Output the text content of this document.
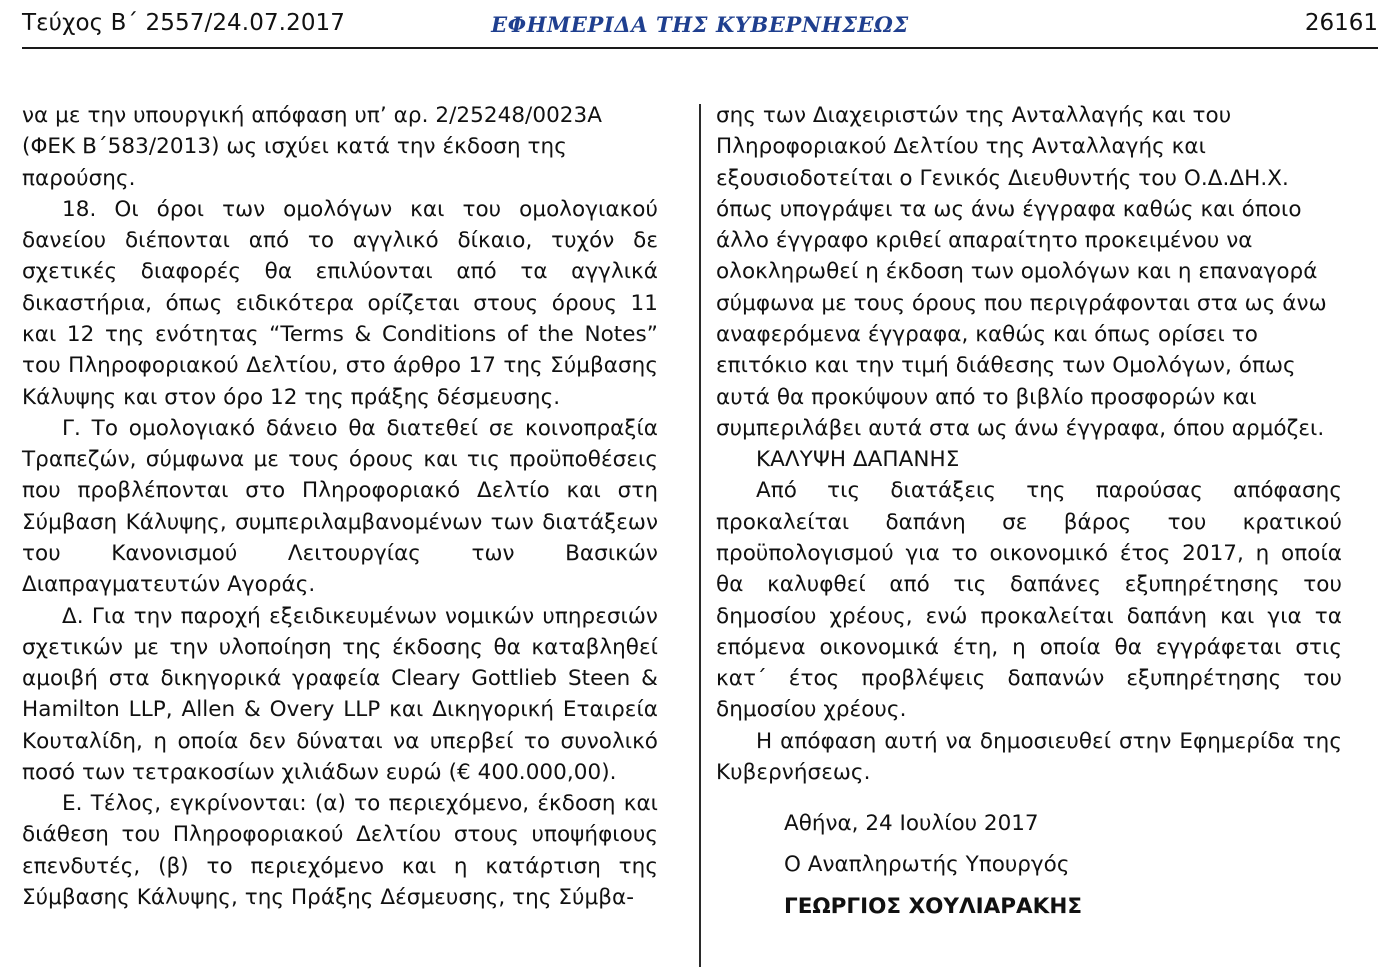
Τεύχος Β΄ 2557/24.07.2017	ΕΦΗΜΕΡΙΔΑ ΤΗΣ ΚΥΒΕΡΝΗΣΕΩΣ	26161

να με την υπουργική απόφαση υπ’ αρ. 2/25248/0023Α (ΦΕΚ Β΄583/2013) ως ισχύει κατά την έκδοση της παρούσης.

18. Οι όροι των ομολόγων και του ομολογιακού δανείου διέπονται από το αγγλικό δίκαιο, τυχόν δε σχετικές διαφορές θα επιλύονται από τα αγγλικά δικαστήρια, όπως ειδικότερα ορίζεται στους όρους 11 και 12 της ενότητας “Terms & Conditions of the Notes” του Πληροφοριακού Δελτίου, στο άρθρο 17 της Σύμβασης Κάλυψης και στον όρο 12 της πράξης δέσμευσης.

Γ. Το ομολογιακό δάνειο θα διατεθεί σε κοινοπραξία Τραπεζών, σύμφωνα με τους όρους και τις προϋποθέσεις που προβλέπονται στο Πληροφοριακό Δελτίο και στη Σύμβαση Κάλυψης, συμπεριλαμβανομένων των διατάξεων του Κανονισμού Λειτουργίας των Βασικών Διαπραγματευτών Αγοράς.

Δ. Για την παροχή εξειδικευμένων νομικών υπηρεσιών σχετικών με την υλοποίηση της έκδοσης θα καταβληθεί αμοιβή στα δικηγορικά γραφεία Cleary Gottlieb Steen & Hamilton LLP, Allen & Overy LLP και Δικηγορική Εταιρεία Κουταλίδη, η οποία δεν δύναται να υπερβεί το συνολικό ποσό των τετρακοσίων χιλιάδων ευρώ (€ 400.000,00).

Ε. Τέλος, εγκρίνονται: (α) το περιεχόμενο, έκδοση και διάθεση του Πληροφοριακού Δελτίου στους υποψήφιους επενδυτές, (β) το περιεχόμενο και η κατάρτιση της Σύμβασης Κάλυψης, της Πράξης Δέσμευσης, της Σύμβα-

σης των Διαχειριστών της Ανταλλαγής και του Πληροφοριακού Δελτίου της Ανταλλαγής και εξουσιοδοτείται ο Γενικός Διευθυντής του Ο.Δ.ΔΗ.Χ. όπως υπογράψει τα ως άνω έγγραφα καθώς και όποιο άλλο έγγραφο κριθεί απαραίτητο προκειμένου να ολοκληρωθεί η έκδοση των ομολόγων και η επαναγορά σύμφωνα με τους όρους που περιγράφονται στα ως άνω αναφερόμενα έγγραφα, καθώς και όπως ορίσει το επιτόκιο και την τιμή διάθεσης των Ομολόγων, όπως αυτά θα προκύψουν από το βιβλίο προσφορών και συμπεριλάβει αυτά στα ως άνω έγγραφα, όπου αρμόζει.

ΚΑΛΥΨΗ ΔΑΠΑΝΗΣ

Από τις διατάξεις της παρούσας απόφασης προκαλείται δαπάνη σε βάρος του κρατικού προϋπολογισμού για το οικονομικό έτος 2017, η οποία θα καλυφθεί από τις δαπάνες εξυπηρέτησης του δημοσίου χρέους, ενώ προκαλείται δαπάνη και για τα επόμενα οικονομικά έτη, η οποία θα εγγράφεται στις κατ΄ έτος προβλέψεις δαπανών εξυπηρέτησης του δημοσίου χρέους.

Η απόφαση αυτή να δημοσιευθεί στην Εφημερίδα της Κυβερνήσεως.

Αθήνα, 24 Ιουλίου 2017

Ο Αναπληρωτής Υπουργός

ΓΕΩΡΓΙΟΣ ΧΟΥΛΙΑΡΑΚΗΣ
